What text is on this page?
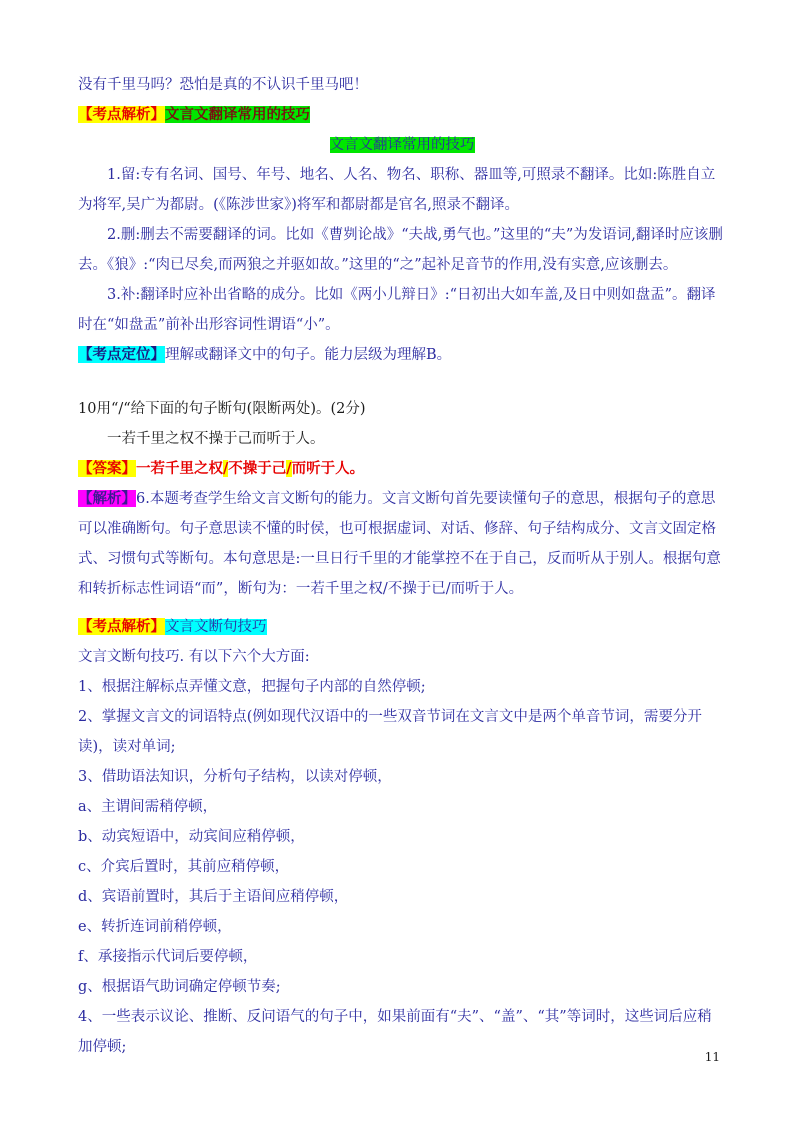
没有千里马吗？恐怕是真的不认识千里马吧！

【考点解析】文言文翻译常用的技巧

文言文翻译常用的技巧

1.留:专有名词、国号、年号、地名、人名、物名、职称、器皿等,可照录不翻译。比如:陈胜自立为将军,吴广为都尉。(《陈涉世家》)将军和都尉都是官名,照录不翻译。

2.删:删去不需要翻译的词。比如《曹刿论战》“夫战,勇气也。”这里的“夫”为发语词,翻译时应该删去。《狼》:“肉已尽矣,而两狼之并驱如故。”这里的“之”起补足音节的作用,没有实意,应该删去。

3.补:翻译时应补出省略的成分。比如《两小儿辩日》:“日初出大如车盖,及日中则如盘盂”。翻译时在“如盘盂”前补出形容词性谓语“小”。

【考点定位】理解或翻译文中的句子。能力层级为理解B。

10用“/“给下面的句子断句(限断两处)。(2分)

一若千里之权不操于己而听于人。

【答案】一若千里之权/不操于己/而听于人。

【解析】6.本题考查学生给文言文断句的能力。文言文断句首先要读懂句子的意思，根据句子的意思可以准确断句。句子意思读不懂的时侯，也可根据虚词、对话、修辞、句子结构成分、文言文固定格式、习惯句式等断句。本句意思是:一旦日行千里的才能掌控不在于自己，反而听从于别人。根据句意和转折标志性词语“而”，断句为：一若千里之权/不操于已/而听于人。

【考点解析】文言文断句技巧

文言文断句技巧. 有以下六个大方面:

1、根据注解标点弄懂文意，把握句子内部的自然停顿;

2、掌握文言文的词语特点(例如现代汉语中的一些双音节词在文言文中是两个单音节词，需要分开读)，读对单词;

3、借助语法知识，分析句子结构，以读对停顿，

a、主谓间需稍停顿，

b、动宾短语中，动宾间应稍停顿，

c、介宾后置时，其前应稍停顿，

d、宾语前置时，其后于主语间应稍停顿，

e、转折连词前稍停顿，

f、承接指示代词后要停顿，

g、根据语气助词确定停顿节奏;

4、一些表示议论、推断、反问语气的句子中，如果前面有“夫”、“盖”、“其”等词时，这些词后应稍加停顿;

11
